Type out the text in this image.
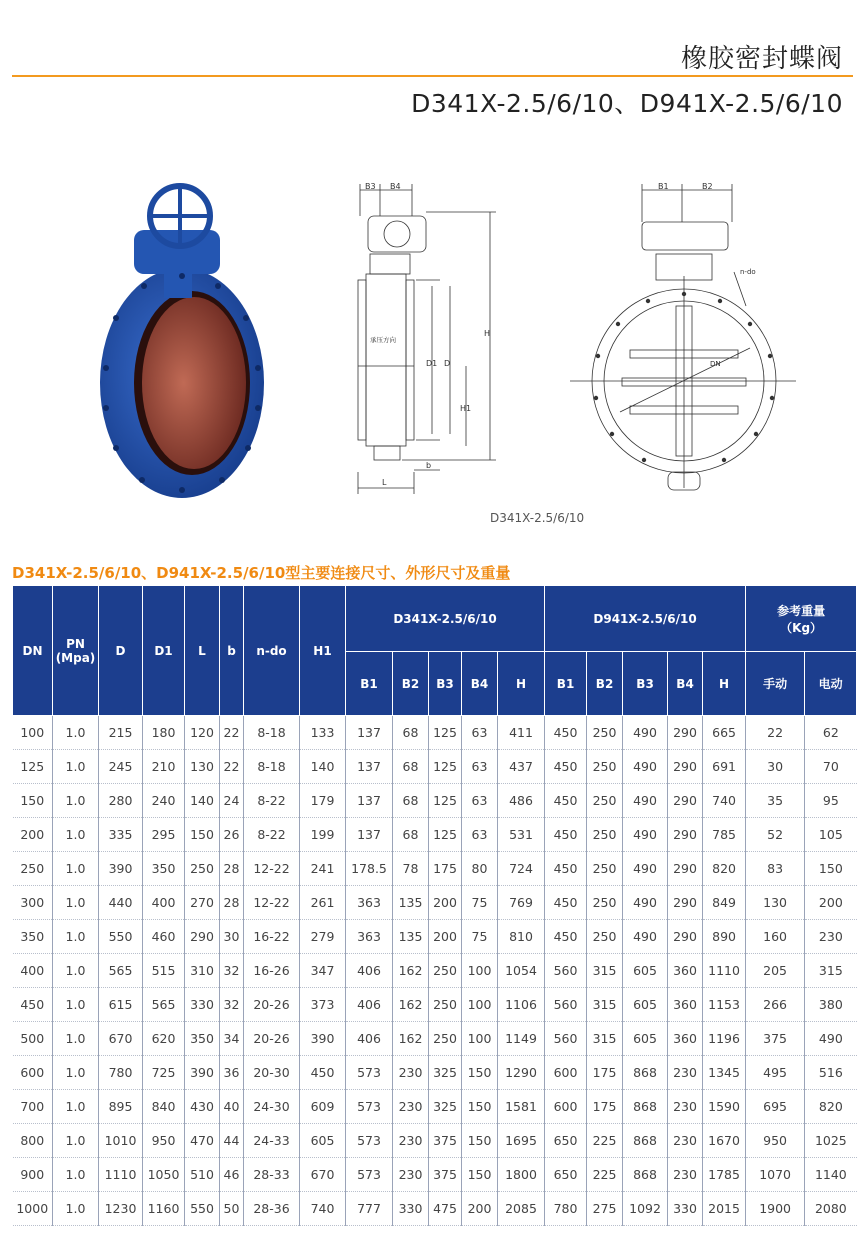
橡胶密封蝶阀
D341X-2.5/6/10、D941X-2.5/6/10
B3 B4
H
D1 D
H1
L
b
承压方向
B1	B2
n-do
DN
D341X-2.5/6/10
D341X-2.5/6/10、D941X-2.5/6/10型主要连接尺寸、外形尺寸及重量
DN	PN
(Mpa)	D	D1	L	b	n-do	H1	D341X-2.5/6/10					D941X-2.5/6/10					参考重量
（Kg）	
								B1	B2	B3	B4	H	B1	B2	B3	B4	H	手动	电动
100	1.0	215	180	120	22	8-18	133	137	68	125	63	411	450	250	490	290	665	22	62
125	1.0	245	210	130	22	8-18	140	137	68	125	63	437	450	250	490	290	691	30	70
150	1.0	280	240	140	24	8-22	179	137	68	125	63	486	450	250	490	290	740	35	95
200	1.0	335	295	150	26	8-22	199	137	68	125	63	531	450	250	490	290	785	52	105
250	1.0	390	350	250	28	12-22	241	178.5	78	175	80	724	450	250	490	290	820	83	150
300	1.0	440	400	270	28	12-22	261	363	135	200	75	769	450	250	490	290	849	130	200
350	1.0	550	460	290	30	16-22	279	363	135	200	75	810	450	250	490	290	890	160	230
400	1.0	565	515	310	32	16-26	347	406	162	250	100	1054	560	315	605	360	1110	205	315
450	1.0	615	565	330	32	20-26	373	406	162	250	100	1106	560	315	605	360	1153	266	380
500	1.0	670	620	350	34	20-26	390	406	162	250	100	1149	560	315	605	360	1196	375	490
600	1.0	780	725	390	36	20-30	450	573	230	325	150	1290	600	175	868	230	1345	495	516
700	1.0	895	840	430	40	24-30	609	573	230	325	150	1581	600	175	868	230	1590	695	820
800	1.0	1010	950	470	44	24-33	605	573	230	375	150	1695	650	225	868	230	1670	950	1025
900	1.0	1110	1050	510	46	28-33	670	573	230	375	150	1800	650	225	868	230	1785	1070	1140
1000	1.0	1230	1160	550	50	28-36	740	777	330	475	200	2085	780	275	1092	330	2015	1900	2080
